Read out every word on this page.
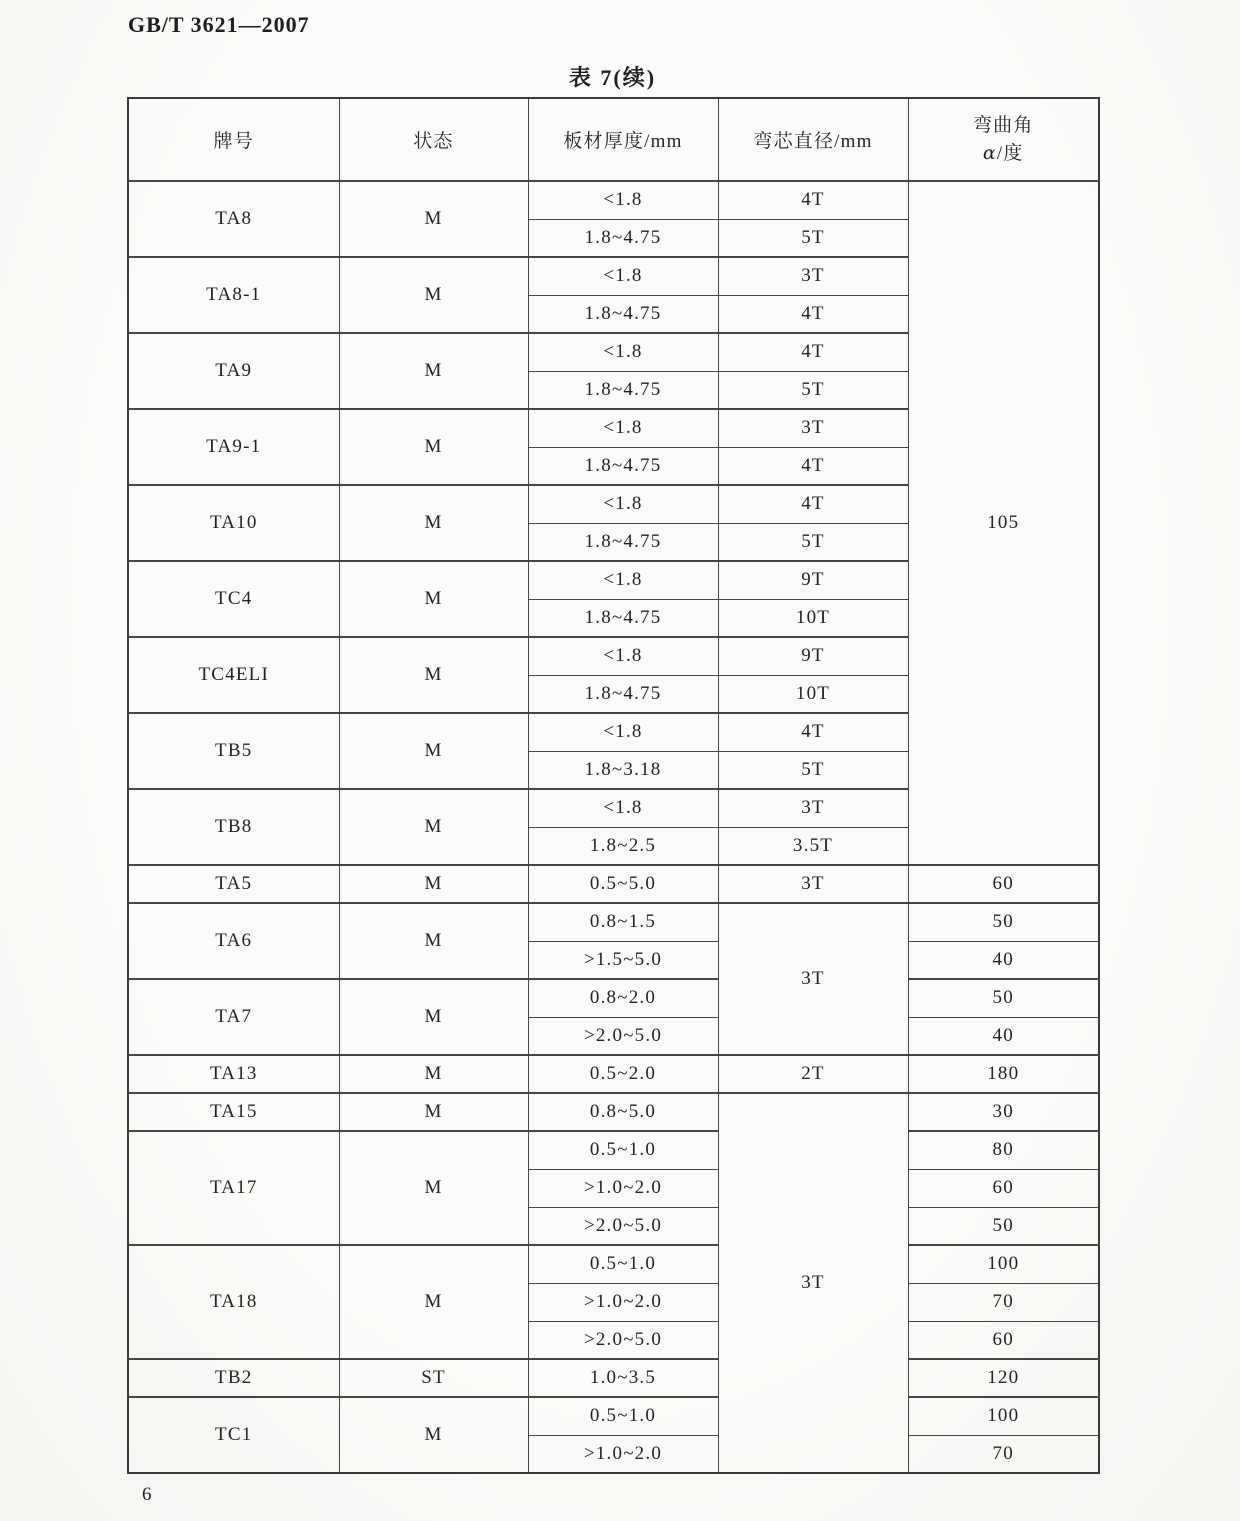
GB/T 3621—2007
表 7(续)
牌号	状态	板材厚度/mm	弯芯直径/mm	弯曲角
α/度

TA8	M	<1.8	4T	105
		1.8~4.75	5T	
TA8-1	M	<1.8	3T	
		1.8~4.75	4T	
TA9	M	<1.8	4T	
		1.8~4.75	5T	
TA9-1	M	<1.8	3T	
		1.8~4.75	4T	
TA10	M	<1.8	4T	
		1.8~4.75	5T	
TC4	M	<1.8	9T	
		1.8~4.75	10T	
TC4ELI	M	<1.8	9T	
		1.8~4.75	10T	
TB5	M	<1.8	4T	
		1.8~3.18	5T	
TB8	M	<1.8	3T	
		1.8~2.5	3.5T	
TA5	M	0.5~5.0	3T	60
TA6	M	0.8~1.5	3T	50
		>1.5~5.0		40
TA7	M	0.8~2.0		50
		>2.0~5.0		40
TA13	M	0.5~2.0	2T	180
TA15	M	0.8~5.0	3T	30
TA17	M	0.5~1.0		80
		>1.0~2.0		60
		>2.0~5.0		50
TA18	M	0.5~1.0		100
		>1.0~2.0		70
		>2.0~5.0		60
TB2	ST	1.0~3.5		120
TC1	M	0.5~1.0		100
		>1.0~2.0		70
6
